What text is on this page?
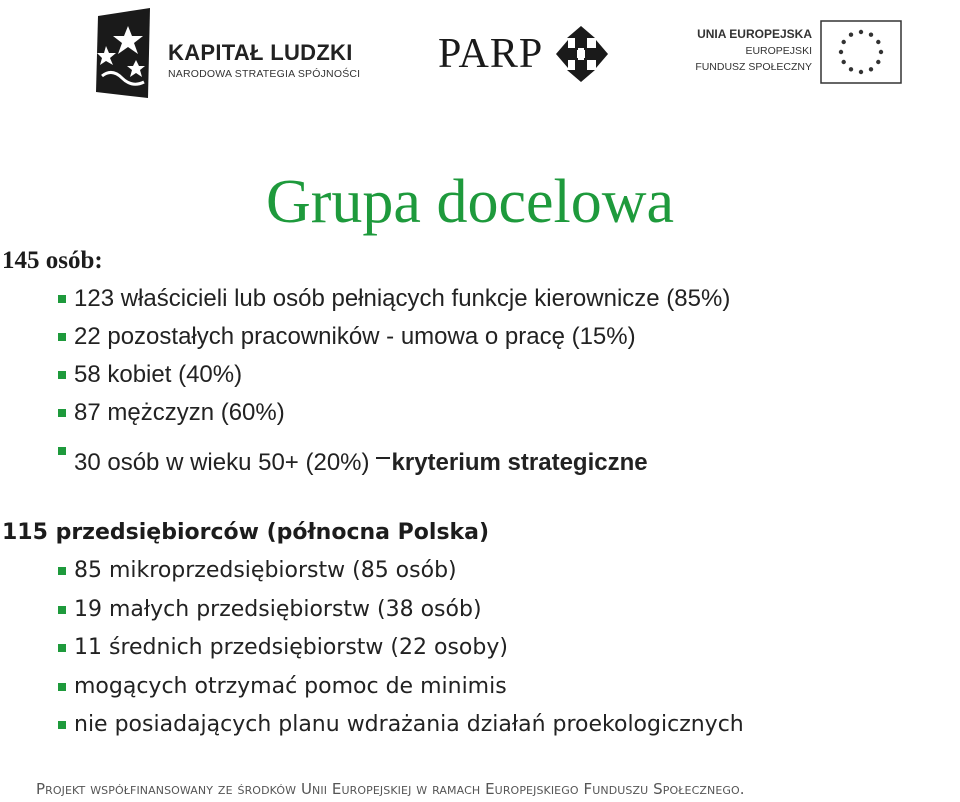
KAPITAŁ LUDZKI
NARODOWA STRATEGIA SPÓJNOŚCI PARP	UNIA EUROPEJSKA
EUROPEJSKI
FUNDUSZ SPOŁECZNY
Grupa docelowa
145 osób:
123 właścicieli lub osób pełniących funkcje kierownicze (85%)
22 pozostałych pracowników - umowa o pracę (15%)
58 kobiet (40%)
87 mężczyzn (60%)
30 osób w wieku 50+ (20%) kryterium strategiczne
115 przedsiębiorców (północna Polska)
85 mikroprzedsiębiorstw (85 osób)
19 małych przedsiębiorstw (38 osób)
11 średnich przedsiębiorstw (22 osoby)
mogących otrzymać pomoc de minimis
nie posiadających planu wdrażania działań proekologicznych
Projekt współfinansowany ze środków Unii Europejskiej w ramach Europejskiego Funduszu Społecznego.
